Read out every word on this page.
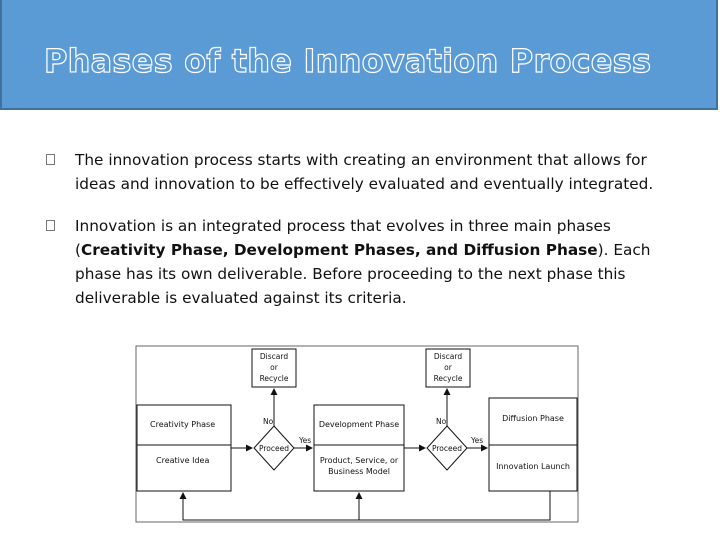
Phases of the Innovation Process
The innovation process starts with creating an environment that allows for ideas and innovation to be effectively evaluated and eventually integrated.
Innovation is an integrated process that evolves in three main phases (Creativity Phase, Development Phases, and Diffusion Phase). Each phase has its own deliverable. Before proceeding to the next phase this deliverable is evaluated against its criteria.
Discard
or
Recycle
Discard
or
Recycle
Creativity Phase
Creative Idea
Development Phase
Product, Service, or
Business Model
Diffusion Phase
Innovation Launch
Proceed	Proceed
No
Yes
No
Yes
